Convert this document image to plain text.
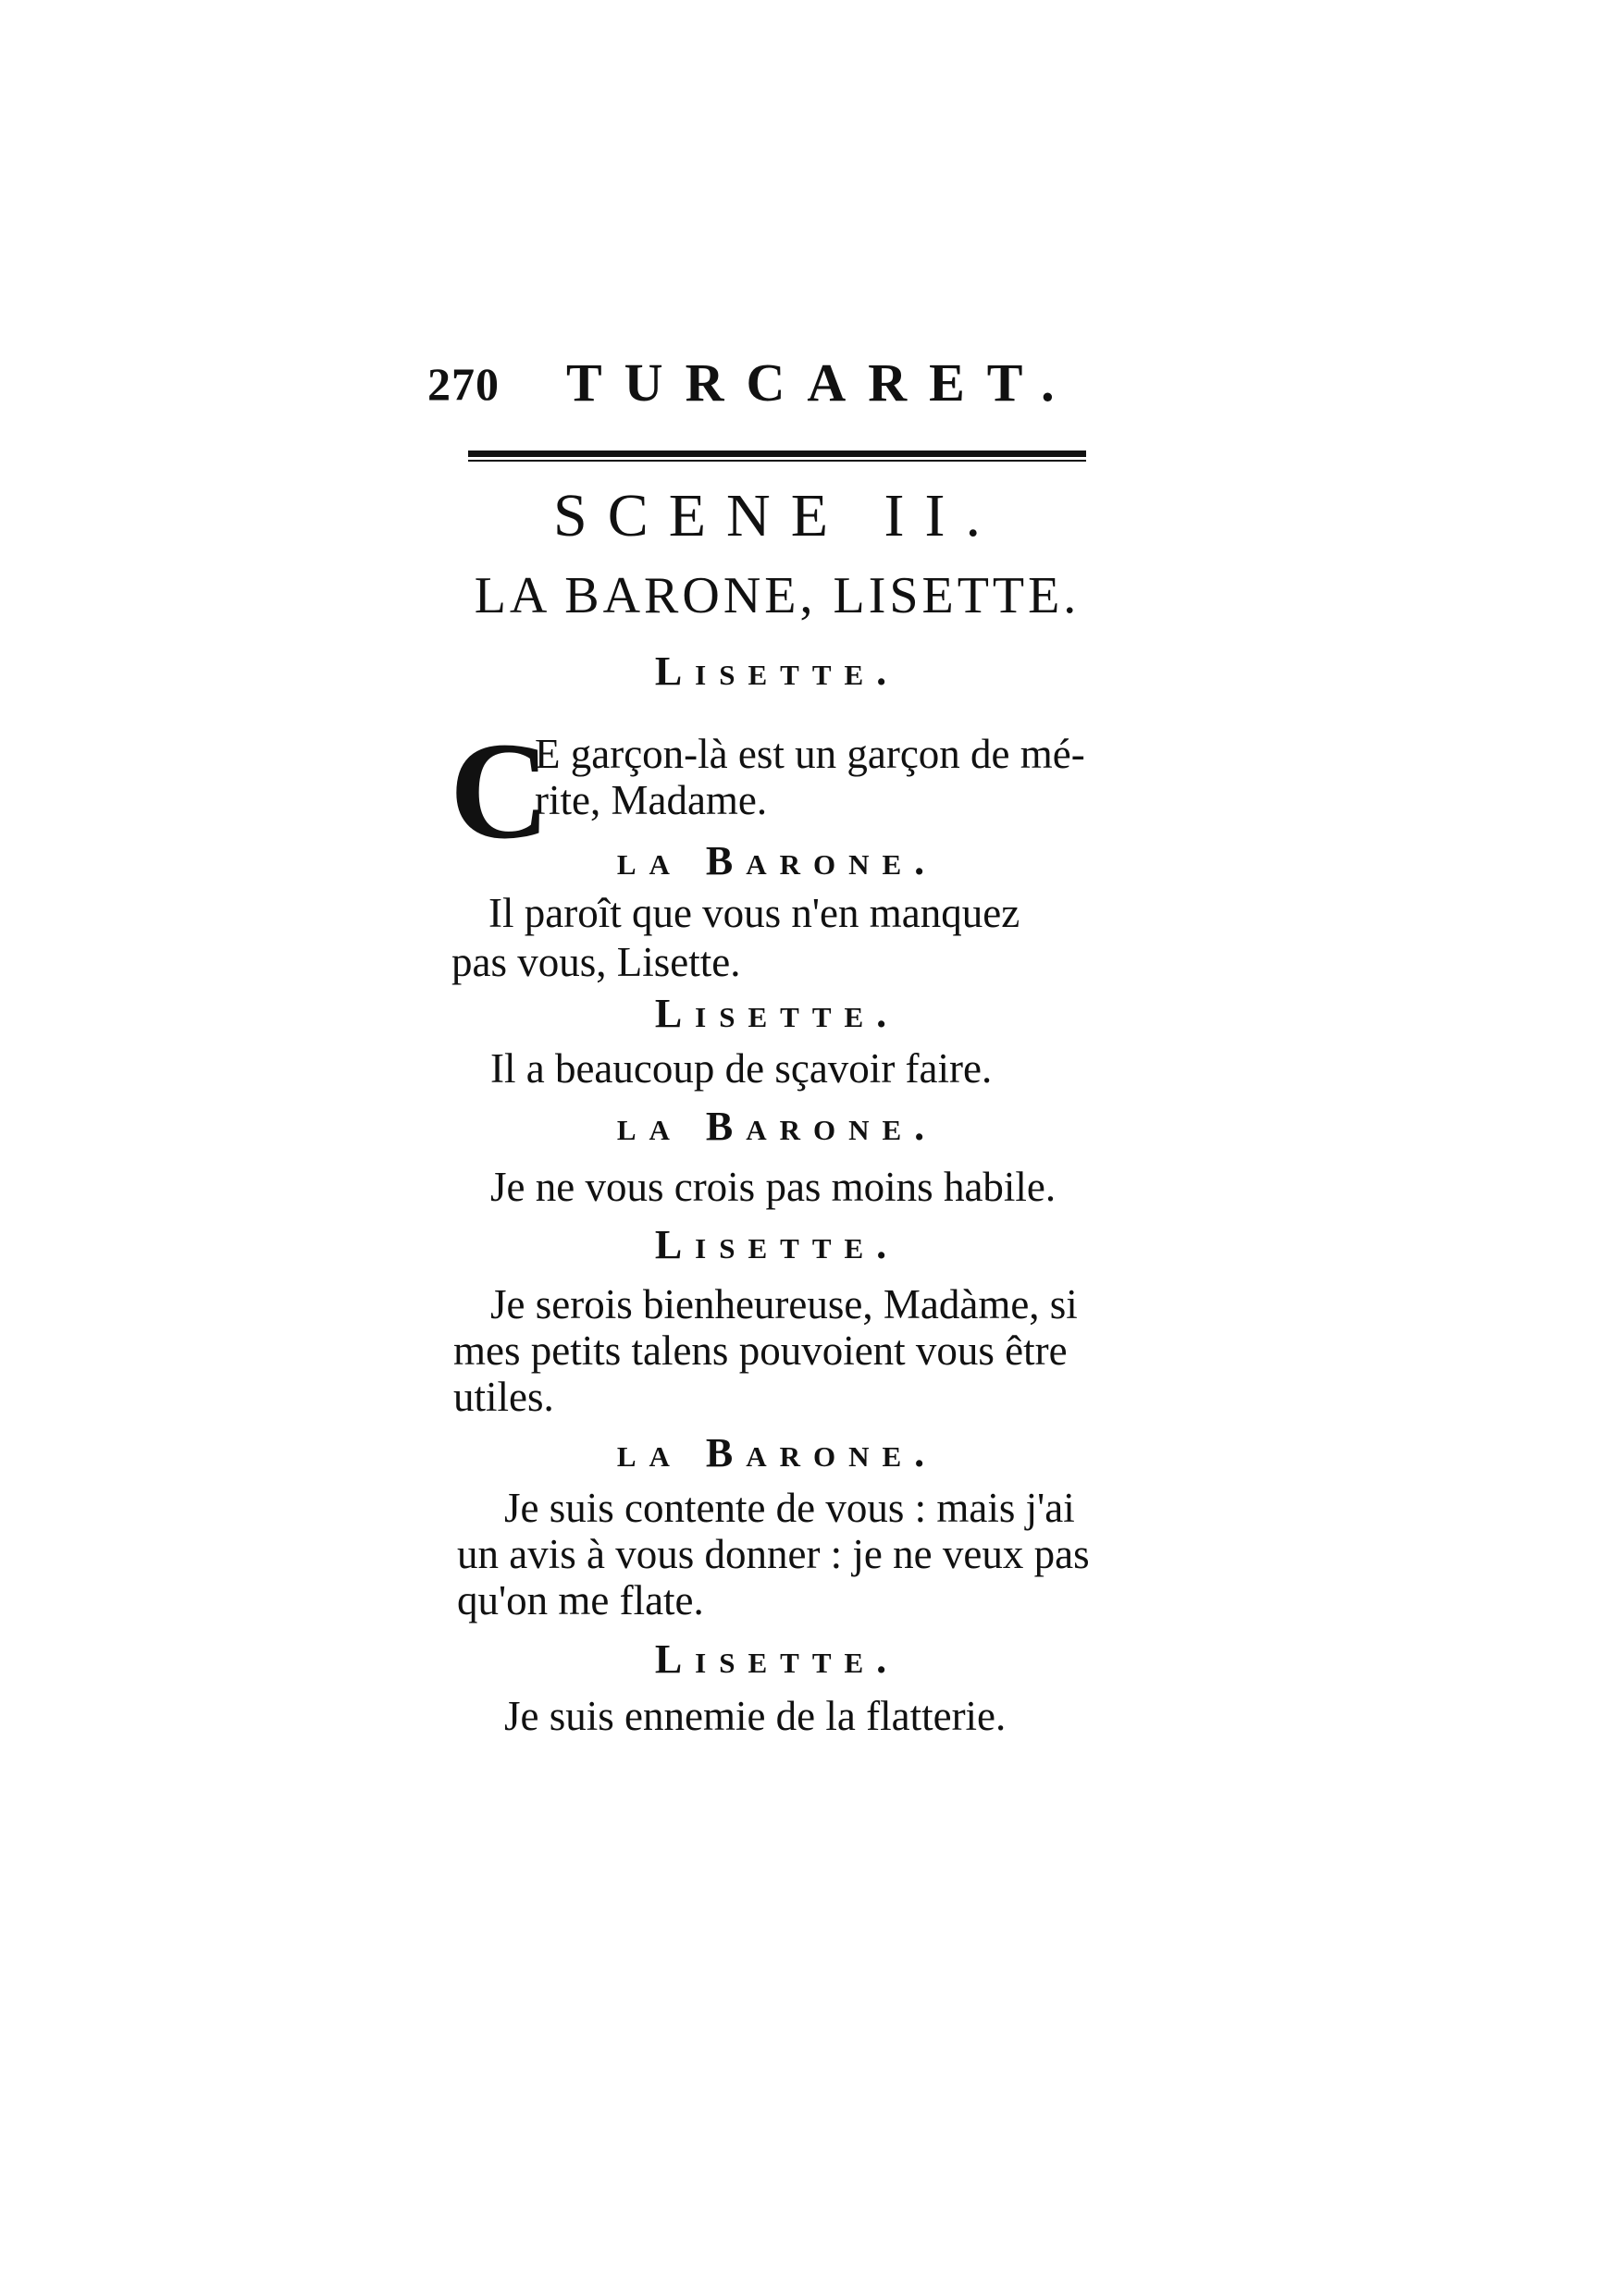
270 TURCARET.
SCENE II.
LA BARONE, LISETTE.
Lisette.
C
E garçon-là est un garçon de mé-
rite, Madame.
la Barone.
Il paroît que vous n'en manquez
pas vous, Lisette.
Lisette.
Il a beaucoup de sçavoir faire.
la Barone.
Je ne vous crois pas moins habile.
Lisette.
Je serois bienheureuse, Madàme, si
mes petits talens pouvoient vous être
utiles.
la Barone.
Je suis contente de vous : mais j'ai
un avis à vous donner : je ne veux pas
qu'on me flate.
Lisette.
Je suis ennemie de la flatterie.
